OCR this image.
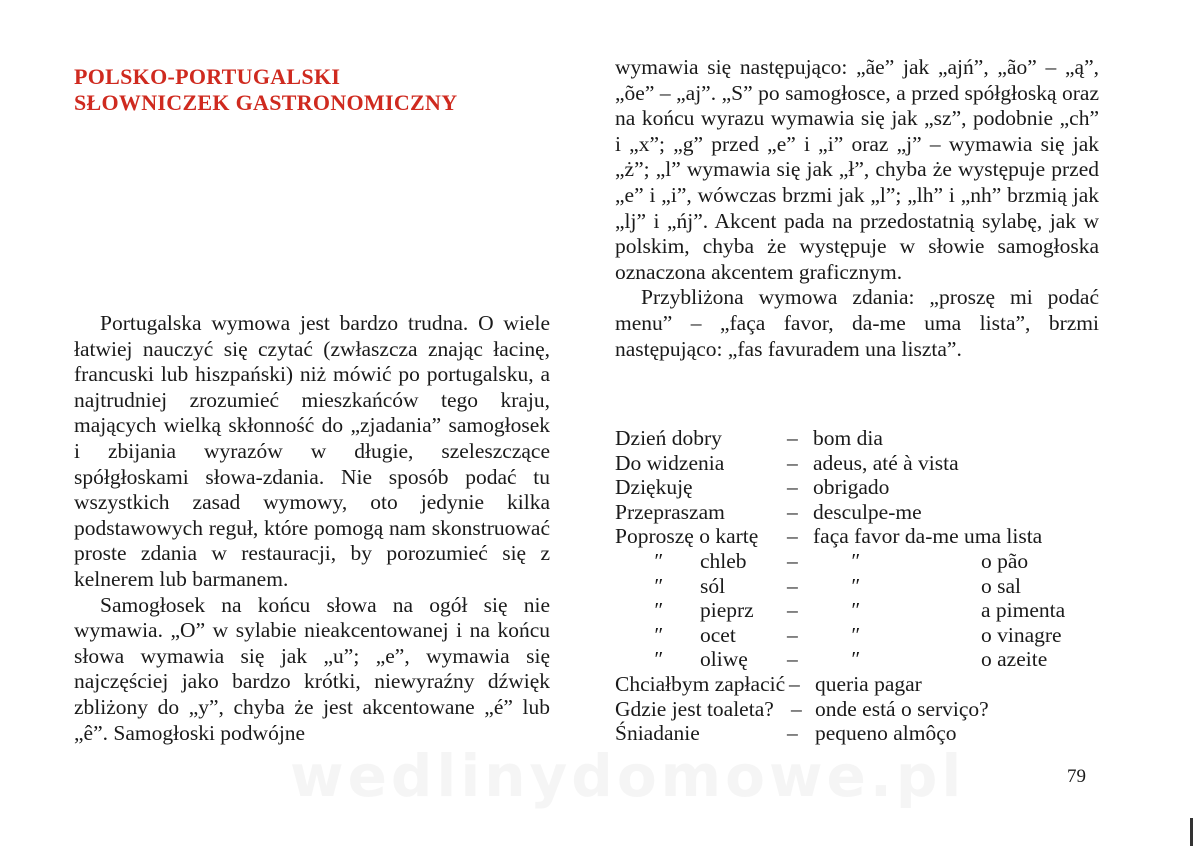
POLSKO-PORTUGALSKI
SŁOWNICZEK GASTRONOMICZNY

Portugalska wymowa jest bardzo trudna. O wiele łatwiej nauczyć się czytać (zwłaszcza znając łacinę, francuski lub hiszpański) niż mówić po portugalsku, a najtrudniej zrozumieć mieszkańców tego kraju, mających wielką skłonność do „zjadania” samogłosek i zbijania wyrazów w długie, szeleszczące spółgłoskami słowa-zdania. Nie sposób podać tu wszystkich zasad wymowy, oto jedynie kilka podstawowych reguł, które pomogą nam skonstruować proste zdania w restauracji, by porozumieć się z kelnerem lub barmanem.

Samogłosek na końcu słowa na ogół się nie wymawia. „O” w sylabie nieakcentowanej i na końcu słowa wymawia się jak „u”; „e”, wymawia się najczęściej jako bardzo krótki, niewyraźny dźwięk zbliżony do „y”, chyba że jest akcentowane „é” lub „ê”. Samogłoski podwójne

wymawia się następująco: „ãe” jak „ajń”, „ão” – „ą”, „õe” – „aj”. „S” po samogłosce, a przed spółgłoską oraz na końcu wyrazu wymawia się jak „sz”, podobnie „ch” i „x”; „g” przed „e” i „i” oraz „j” – wymawia się jak „ż”; „l” wymawia się jak „ł”, chyba że występuje przed „e” i „i”, wówczas brzmi jak „l”; „lh” i „nh” brzmią jak „lj” i „ńj”. Akcent pada na przedostatnią sylabę, jak w polskim, chyba że występuje w słowie samogłoska oznaczona akcentem graficznym.

Przybliżona wymowa zdania: „proszę mi podać menu” – „faça favor, da-me uma lista”, brzmi następująco: „fas favuradem una liszta”.

Dzień dobry	– bom dia
Do widzenia	– adeus, até à vista
Dziękuję	– obrigado
Przepraszam	– desculpe-me
Poproszę o kartę – faça favor da-me uma lista
″ chleb – ″	o pão
″ sól	– ″	o sal
″ pieprz – ″	a pimenta
″ ocet – ″	o vinagre
″ oliwę – ″	o azeite
Chciałbym zapłacić – queria pagar
Gdzie jest toaleta? – onde está o serviço?
Śniadanie	– pequeno almôço
79
wedlinydomowe.pl
